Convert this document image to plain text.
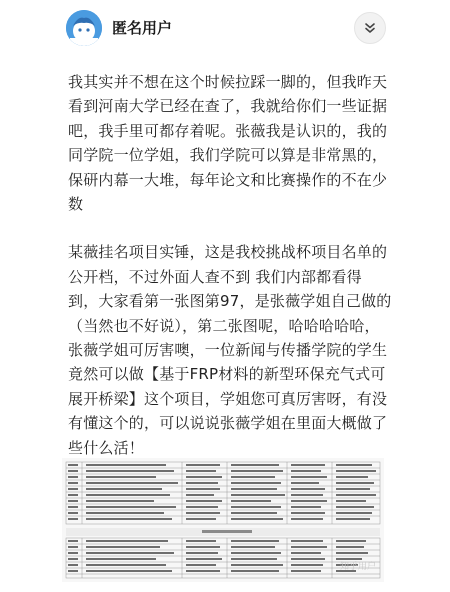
匿名用户

我其实并不想在这个时候拉踩一脚的，但我昨天看到河南大学已经在查了，我就给你们一些证据吧，我手里可都存着呢。张薇我是认识的，我的同学院一位学姐，我们学院可以算是非常黑的，保研内幕一大堆，每年论文和比赛操作的不在少数

某薇挂名项目实锤，这是我校挑战杯项目名单的公开档，不过外面人查不到 我们内部都看得到，大家看第一张图第97，是张薇学姐自己做的（当然也不好说），第二张图呢，哈哈哈哈哈，张薇学姐可厉害噢，一位新闻与传播学院的学生竟然可以做【基于FRP材料的新型环保充气式可展开桥梁】这个项目，学姐您可真厉害呀，有没有懂这个的，可以说说张薇学姐在里面大概做了些什么活！

知乎用户
